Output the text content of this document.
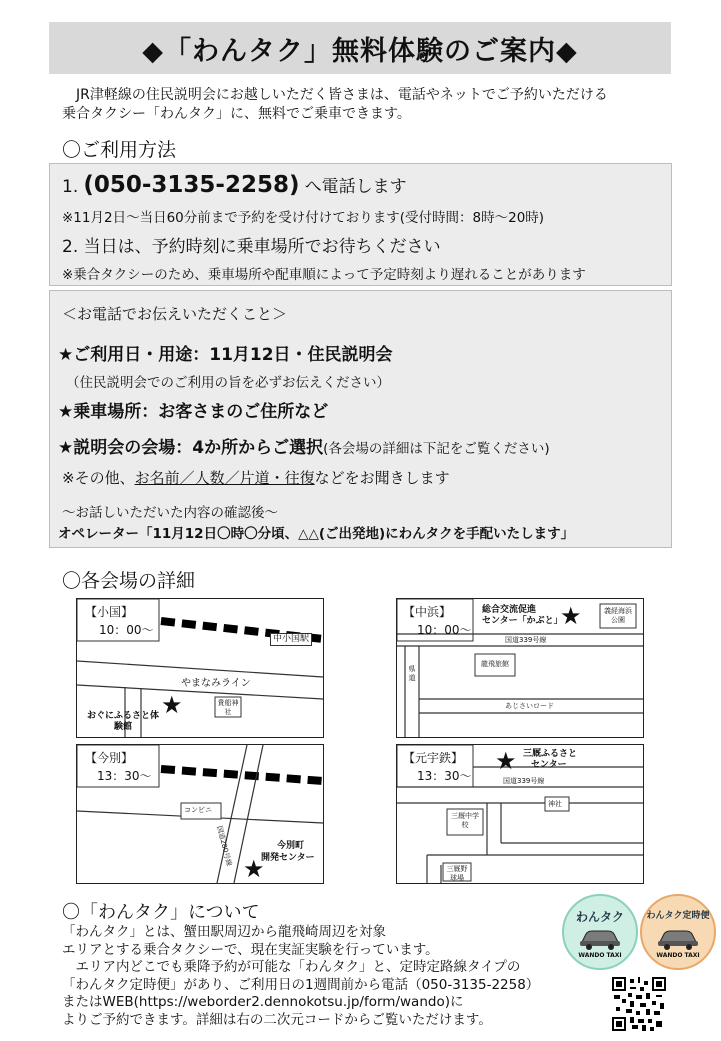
◆「わんタク」無料体験のご案内◆
　JR津軽線の住民説明会にお越しいただく皆さまは、電話やネットでご予約いただける
乗合タクシー「わんタク」に、無料でご乗車できます。
〇ご利用方法
1. (050-3135-2258) へ電話します
※11月2日～当日60分前まで予約を受け付けております(受付時間：8時～20時)
2. 当日は、予約時刻に乗車場所でお待ちください
※乗合タクシーのため、乗車場所や配車順によって予定時刻より遅れることがあります
＜お電話でお伝えいただくこと＞
★ご利用日・用途：11月12日・住民説明会
（住民説明会でのご利用の旨を必ずお伝えください）
★乗車場所：お客さまのご住所など
★説明会の会場：4か所からご選択(各会場の詳細は下記をご覧ください)
※その他、お名前／人数／片道・往復などをお聞きします
～お話しいただいた内容の確認後～
オペレーター「11月12日〇時〇分頃、△△(ご出発地)にわんタクを手配いたします」
〇各会場の詳細
【小国】
10：00～
中小国駅
やまなみライン
貴船神社
★
おぐにふるさと体験館
【中浜】
10：00～
総合交流促進
センター「かぶと」
★	義経海浜公園
国道339号線
龍飛旅館
あじさいロード
県道
【今別】
13：30～
コンビニ
国道280号線	今別町
開発センター
★
【元宇鉄】
13：30～
★ 三厩ふるさと
センター
国道339号線
神社
三厩中学校
三厩野球場
〇「わんタク」について
「わんタク」とは、蟹田駅周辺から龍飛崎周辺を対象
エリアとする乗合タクシーで、現在実証実験を行っています。
　エリア内どこでも乗降予約が可能な「わんタク」と、定時定路線タイプの
「わんタク定時便」があり、ご利用日の1週間前から電話（050-3135-2258）
またはWEB(https://weborder2.dennokotsu.jp/form/wando)に
よりご予約できます。詳細は右の二次元コードからご覧いただけます。
わんタク
WANDO TAXI
わんタク定時便
WANDO TAXI
